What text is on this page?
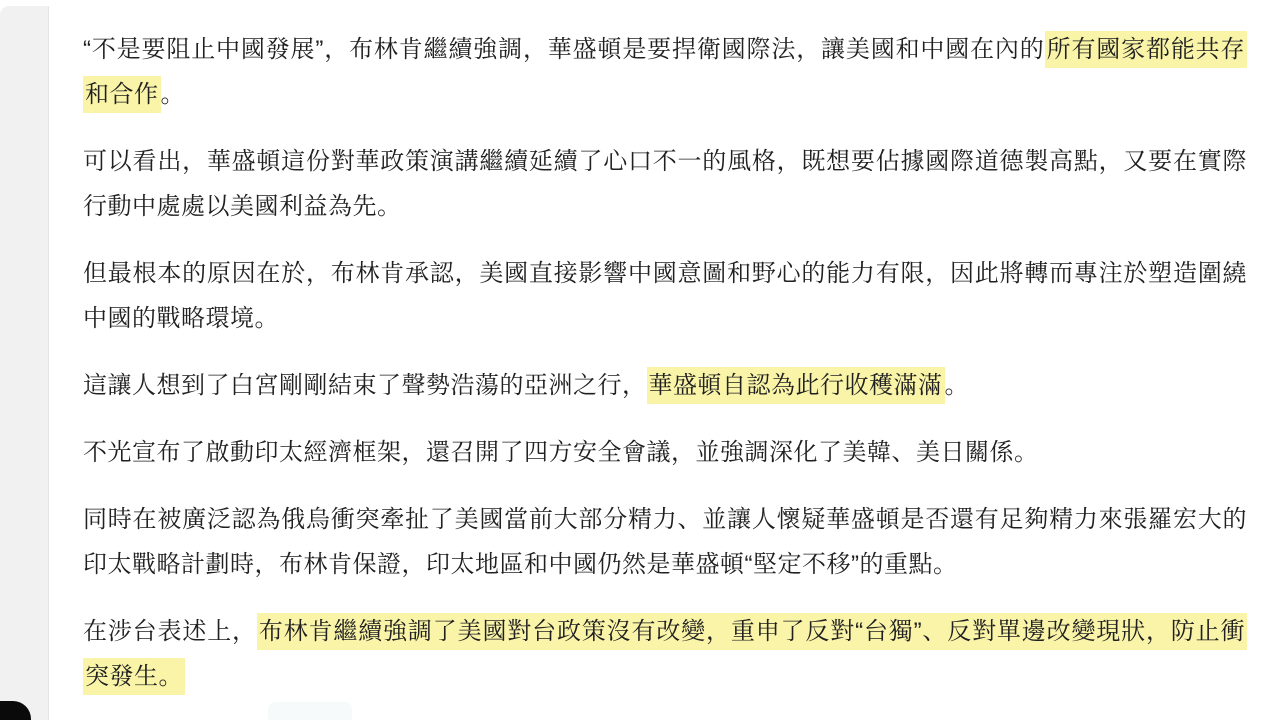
“不是要阻止中國發展”，布林肯繼續強調，華盛頓是要捍衛國際法，讓美國和中國在內的所有國家都能共存和合作。

可以看出，華盛頓這份對華政策演講繼續延續了心口不一的風格，既想要佔據國際道德製高點，又要在實際行動中處處以美國利益為先。

但最根本的原因在於，布林肯承認，美國直接影響中國意圖和野心的能力有限，因此將轉而專注於塑造圍繞中國的戰略環境。

這讓人想到了白宮剛剛結束了聲勢浩蕩的亞洲之行，華盛頓自認為此行收穫滿滿。

不光宣布了啟動印太經濟框架，還召開了四方安全會議，並強調深化了美韓、美日關係。

同時在被廣泛認為俄烏衝突牽扯了美國當前大部分精力、並讓人懷疑華盛頓是否還有足夠精力來張羅宏大的印太戰略計劃時，布林肯保證，印太地區和中國仍然是華盛頓“堅定不移”的重點。

在涉台表述上，布林肯繼續強調了美國對台政策沒有改變，重申了反對“台獨”、反對單邊改變現狀，防止衝突發生。
